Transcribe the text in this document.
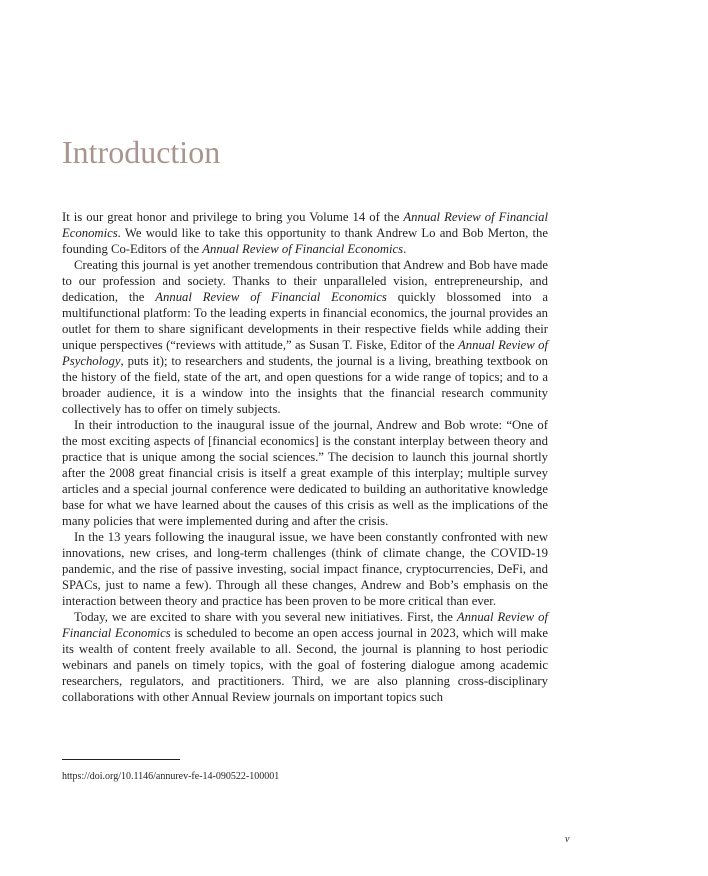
Introduction

It is our great honor and privilege to bring you Volume 14 of the Annual Review of Financial Economics. We would like to take this opportunity to thank Andrew Lo and Bob Merton, the founding Co-Editors of the Annual Review of Financial Economics.

Creating this journal is yet another tremendous contribution that Andrew and Bob have made to our profession and society. Thanks to their unparalleled vision, entrepreneurship, and dedication, the Annual Review of Financial Economics quickly blossomed into a multifunctional platform: To the leading experts in financial economics, the journal provides an outlet for them to share significant developments in their respective fields while adding their unique perspectives (“reviews with attitude,” as Susan T. Fiske, Editor of the Annual Review of Psychology, puts it); to researchers and students, the journal is a living, breathing textbook on the history of the field, state of the art, and open questions for a wide range of topics; and to a broader audience, it is a window into the insights that the financial research community collectively has to offer on timely subjects.

In their introduction to the inaugural issue of the journal, Andrew and Bob wrote: “One of the most exciting aspects of [financial economics] is the constant interplay between theory and practice that is unique among the social sciences.” The decision to launch this journal shortly after the 2008 great financial crisis is itself a great example of this interplay; multiple survey articles and a special journal conference were dedicated to building an authoritative knowledge base for what we have learned about the causes of this crisis as well as the implications of the many policies that were implemented during and after the crisis.

In the 13 years following the inaugural issue, we have been constantly confronted with new innovations, new crises, and long-term challenges (think of climate change, the COVID-19 pandemic, and the rise of passive investing, social impact finance, cryptocurrencies, DeFi, and SPACs, just to name a few). Through all these changes, Andrew and Bob’s emphasis on the interaction between theory and practice has been proven to be more critical than ever.

Today, we are excited to share with you several new initiatives. First, the Annual Review of Financial Economics is scheduled to become an open access journal in 2023, which will make its wealth of content freely available to all. Second, the journal is planning to host periodic webinars and panels on timely topics, with the goal of fostering dialogue among academic researchers, regulators, and practitioners. Third, we are also planning cross-disciplinary collaborations with other Annual Review journals on important topics such

https://doi.org/10.1146/annurev-fe-14-090522-100001
v
